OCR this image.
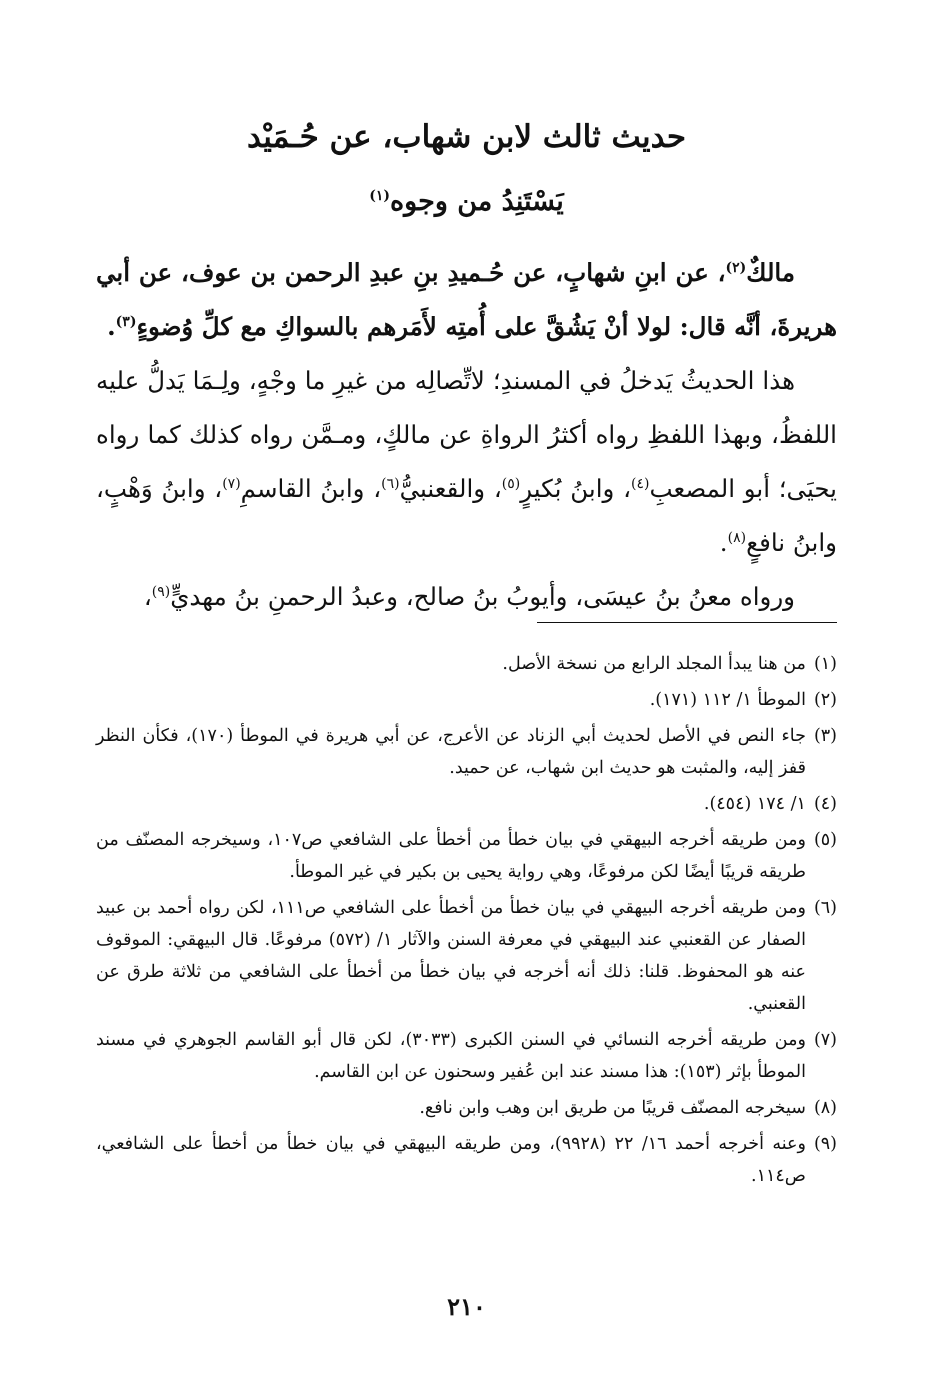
حديث ثالث لابن شهاب، عن حُـمَيْد
يَسْتَنِدُ من وجوه$^{(١)}$

مالكٌ$^{(٢)}$، عن ابنِ شهابٍ، عن حُـميدِ بنِ عبدِ الرحمن بن عوف، عن أبي هريرةَ، أنَّه قال: لولا أنْ يَشُقَّ على أُمتِه لأَمَرهم بالسواكِ مع كلِّ وُضوءٍ$^{(٣)}$.

هذا الحديثُ يَدخلُ في المسندِ؛ لاتِّصالِه من غيرِ ما وجْهٍ، ولِـمَا يَدلُّ عليه اللفظُ، وبهذا اللفظِ رواه أكثرُ الرواةِ عن مالكٍ، ومـمَّن رواه كذلك كما رواه يحيَى؛ أبو المصعبِ$^{(٤)}$، وابنُ بُكيرٍ$^{(٥)}$، والقعنبيُّ$^{(٦)}$، وابنُ القاسمِ$^{(٧)}$، وابنُ وَهْبٍ، وابنُ نافعٍ$^{(٨)}$.

ورواه معنُ بنُ عيسَى، وأيوبُ بنُ صالح، وعبدُ الرحمنِ بنُ مهديٍّ$^{(٩)}$،

(١)
من هنا يبدأ المجلد الرابع من نسخة الأصل.
(٢)
الموطأ ١/ ١١٢ (١٧١).
(٣)
جاء النص في الأصل لحديث أبي الزناد عن الأعرج، عن أبي هريرة في الموطأ (١٧٠)، فكأن النظر قفز إليه، والمثبت هو حديث ابن شهاب، عن حميد.
(٤)
١/ ١٧٤ (٤٥٤).
(٥)
ومن طريقه أخرجه البيهقي في بيان خطأ من أخطأ على الشافعي ص١٠٧، وسيخرجه المصنّف من طريقه قريبًا أيضًا لكن مرفوعًا، وهي رواية يحيى بن بكير في غير الموطأ.
(٦)
ومن طريقه أخرجه البيهقي في بيان خطأ من أخطأ على الشافعي ص١١١، لكن رواه أحمد بن عبيد الصفار عن القعنبي عند البيهقي في معرفة السنن والآثار ١/ (٥٧٢) مرفوعًا. قال البيهقي: الموقوف عنه هو المحفوظ. قلنا: ذلك أنه أخرجه في بيان خطأ من أخطأ على الشافعي من ثلاثة طرق عن القعنبي.
(٧)
ومن طريقه أخرجه النسائي في السنن الكبرى (٣٠٣٣)، لكن قال أبو القاسم الجوهري في مسند الموطأ بإثر (١٥٣): هذا مسند عند ابن عُفير وسحنون عن ابن القاسم.
(٨)
سيخرجه المصنّف قريبًا من طريق ابن وهب وابن نافع.
(٩)
وعنه أخرجه أحمد ١٦/ ٢٢ (٩٩٢٨)، ومن طريقه البيهقي في بيان خطأ من أخطأ على الشافعي، ص١١٤.
٢١٠
